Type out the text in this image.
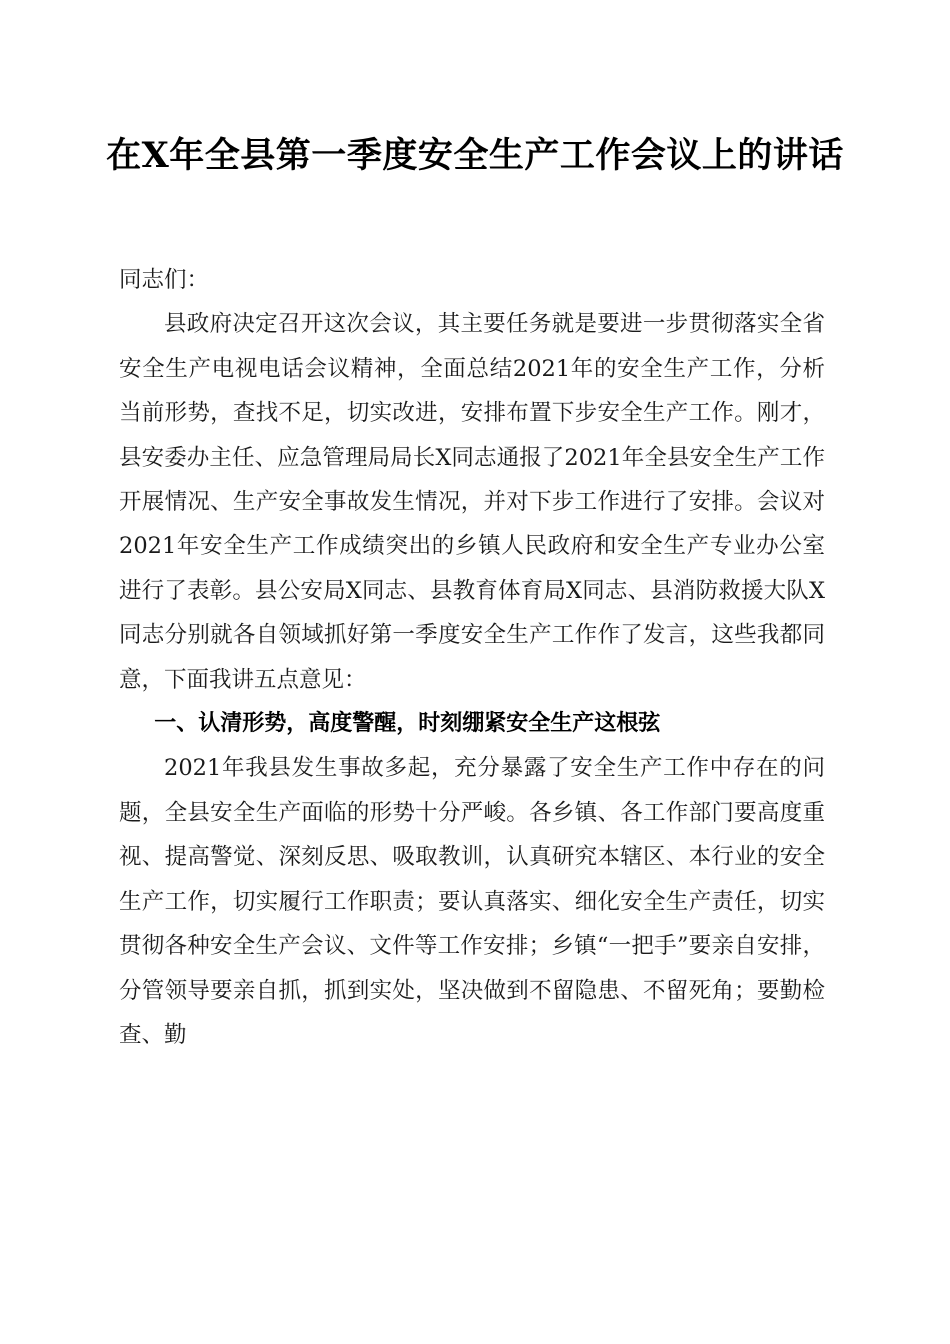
在X年全县第一季度安全生产工作会议上的讲话

同志们：

县政府决定召开这次会议，其主要任务就是要进一步贯彻落实全省安全生产电视电话会议精神，全面总结2021年的安全生产工作，分析当前形势，查找不足，切实改进，安排布置下步安全生产工作。刚才，县安委办主任、应急管理局局长X同志通报了2021年全县安全生产工作开展情况、生产安全事故发生情况，并对下步工作进行了安排。会议对2021年安全生产工作成绩突出的乡镇人民政府和安全生产专业办公室进行了表彰。县公安局X同志、县教育体育局X同志、县消防救援大队X同志分别就各自领域抓好第一季度安全生产工作作了发言，这些我都同意，下面我讲五点意见：

一、认清形势，高度警醒，时刻绷紧安全生产这根弦

2021年我县发生事故多起，充分暴露了安全生产工作中存在的问题，全县安全生产面临的形势十分严峻。各乡镇、各工作部门要高度重视、提高警觉、深刻反思、吸取教训，认真研究本辖区、本行业的安全生产工作，切实履行工作职责；要认真落实、细化安全生产责任，切实贯彻各种安全生产会议、文件等工作安排；乡镇“一把手”要亲自安排，分管领导要亲自抓，抓到实处，坚决做到不留隐患、不留死角；要勤检查、勤
